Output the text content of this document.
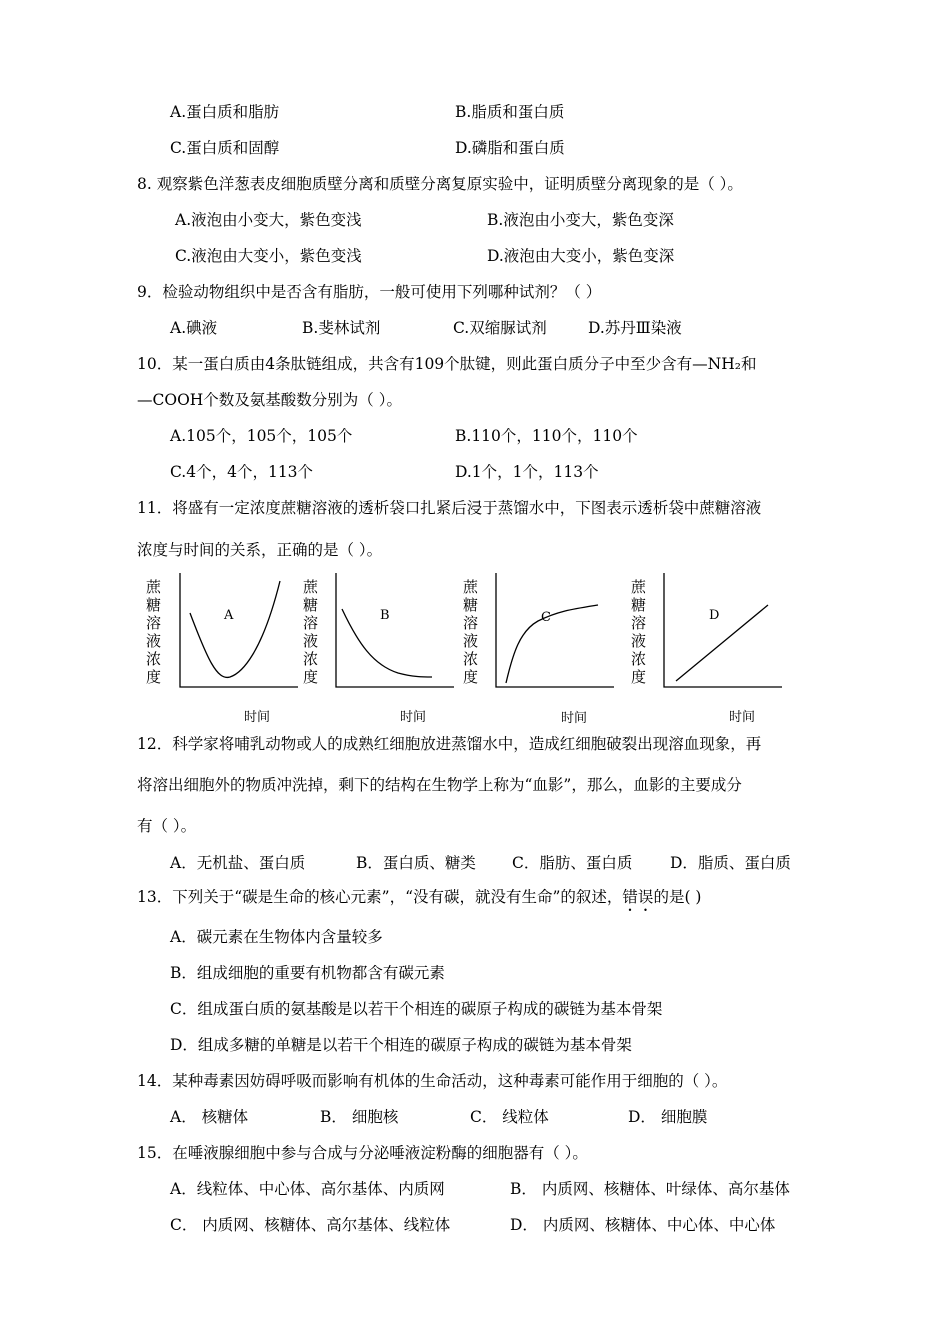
A.蛋白质和脂肪	B.脂质和蛋白质
C.蛋白质和固醇	D.磷脂和蛋白质
8. 观察紫色洋葱表皮细胞质壁分离和质壁分离复原实验中，证明质壁分离现象的是（ ）。
A.液泡由小变大，紫色变浅	B.液泡由小变大，紫色变深
C.液泡由大变小，紫色变浅	D.液泡由大变小，紫色变深
9．检验动物组织中是否含有脂肪，一般可使用下列哪种试剂？（ ）
A.碘液	B.斐林试剂	C.双缩脲试剂	D.苏丹Ⅲ染液
10．某一蛋白质由4条肽链组成，共含有109个肽键，则此蛋白质分子中至少含有—NH₂和
—COOH个数及氨基酸数分别为（ ）。
A.105个，105个，105个	B.110个，110个，110个
C.4个，4个，113个	D.1个，1个，113个
11．将盛有一定浓度蔗糖溶液的透析袋口扎紧后浸于蒸馏水中，下图表示透析袋中蔗糖溶液
浓度与时间的关系，正确的是（ ）。
蔗糖溶液浓度
A
时间
蔗糖溶液浓度
B
时间
蔗糖溶液浓度
C
时间
蔗糖溶液浓度
D
时间
12．科学家将哺乳动物或人的成熟红细胞放进蒸馏水中，造成红细胞破裂出现溶血现象，再
将溶出细胞外的物质冲洗掉，剩下的结构在生物学上称为“血影”，那么，血影的主要成分
有（ ）。
A．无机盐、蛋白质	B．蛋白质、糖类 C．脂肪、蛋白质 D．脂质、蛋白质
13．下列关于“碳是生命的核心元素”，“没有碳，就没有生命”的叙述，错误的是( )
A．碳元素在生物体内含量较多
B．组成细胞的重要有机物都含有碳元素
C．组成蛋白质的氨基酸是以若干个相连的碳原子构成的碳链为基本骨架
D．组成多糖的单糖是以若干个相连的碳原子构成的碳链为基本骨架
14．某种毒素因妨碍呼吸而影响有机体的生命活动，这种毒素可能作用于细胞的（ ）。
A． 核糖体	B． 细胞核	C． 线粒体	D． 细胞膜
15．在唾液腺细胞中参与合成与分泌唾液淀粉酶的细胞器有（ ）。
A．线粒体、中心体、高尔基体、内质网	B． 内质网、核糖体、叶绿体、高尔基体
C． 内质网、核糖体、高尔基体、线粒体	D． 内质网、核糖体、中心体、中心体
